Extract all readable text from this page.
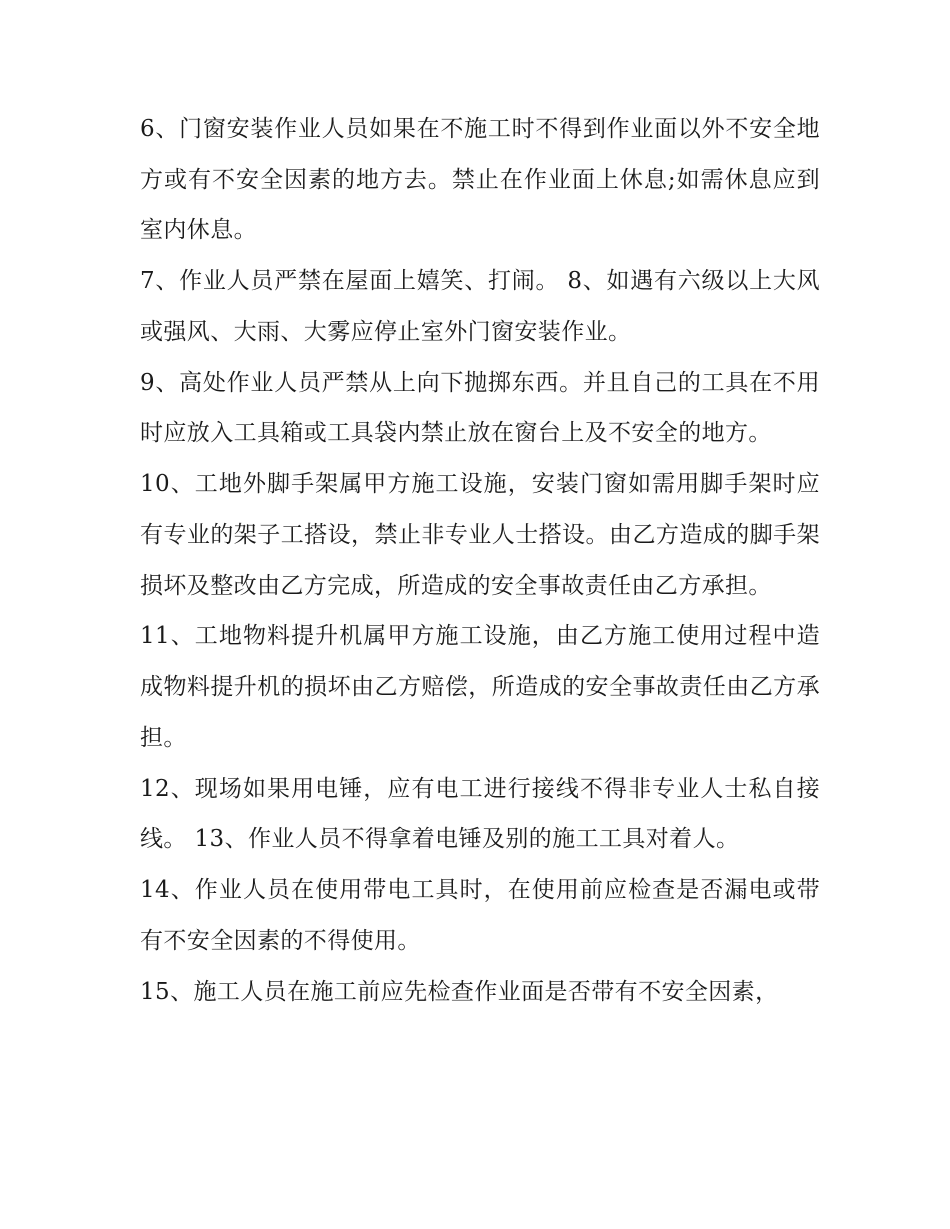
6、门窗安装作业人员如果在不施工时不得到作业面以外不安全地方或有不安全因素的地方去。禁止在作业面上休息;如需休息应到室内休息。

7、作业人员严禁在屋面上嬉笑、打闹。 8、如遇有六级以上大风或强风、大雨、大雾应停止室外门窗安装作业。

9、高处作业人员严禁从上向下抛掷东西。并且自己的工具在不用时应放入工具箱或工具袋内禁止放在窗台上及不安全的地方。

10、工地外脚手架属甲方施工设施，安装门窗如需用脚手架时应有专业的架子工搭设，禁止非专业人士搭设。由乙方造成的脚手架损坏及整改由乙方完成，所造成的安全事故责任由乙方承担。

11、工地物料提升机属甲方施工设施，由乙方施工使用过程中造成物料提升机的损坏由乙方赔偿，所造成的安全事故责任由乙方承担。

12、现场如果用电锤，应有电工进行接线不得非专业人士私自接线。 13、作业人员不得拿着电锤及别的施工工具对着人。

14、作业人员在使用带电工具时，在使用前应检查是否漏电或带有不安全因素的不得使用。

15、施工人员在施工前应先检查作业面是否带有不安全因素，
